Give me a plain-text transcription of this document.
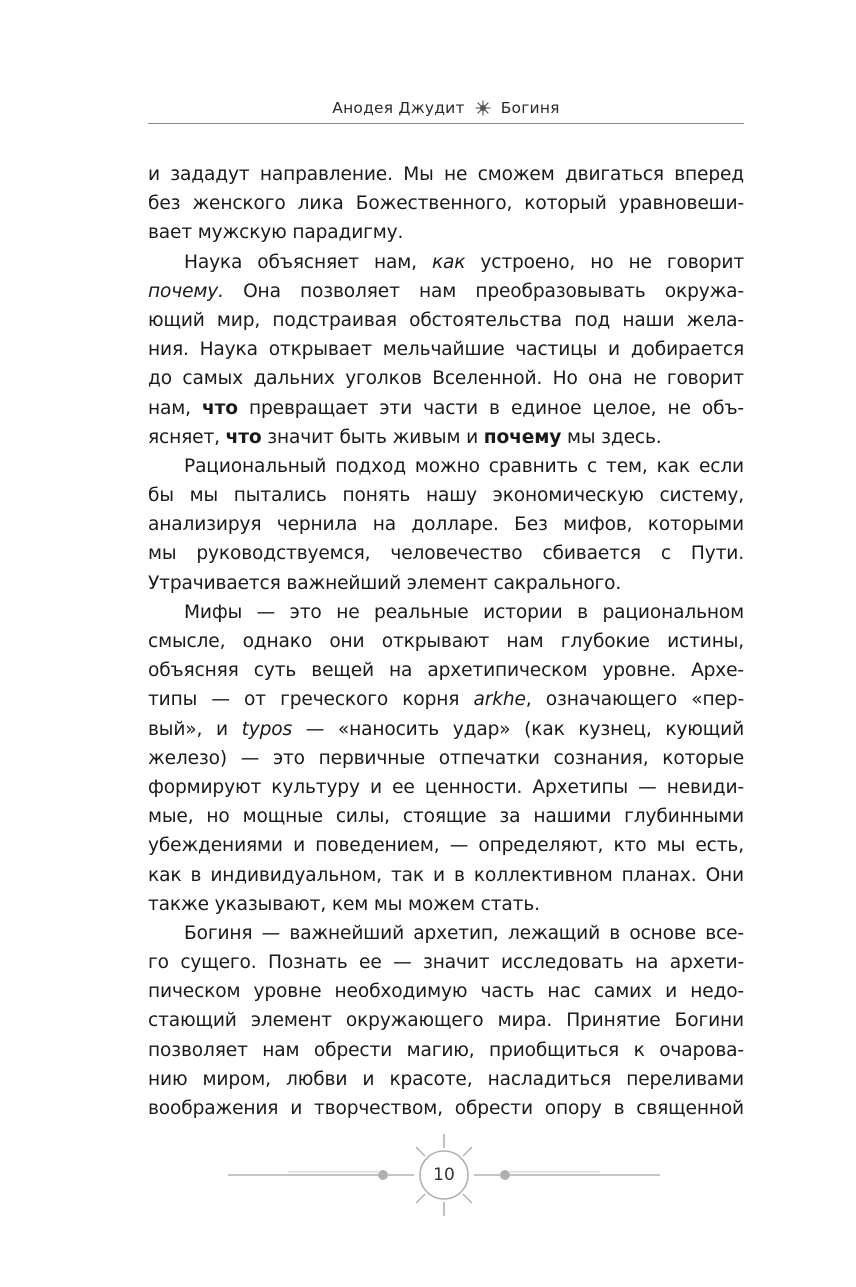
Анодея Джудит Богиня
и зададут направление. Мы не сможем двигаться вперед
без женского лика Божественного, который уравновеши-
вает мужскую парадигму.
Наука объясняет нам, как устроено, но не говорит
почему. Она позволяет нам преобразовывать окружа-
ющий мир, подстраивая обстоятельства под наши жела-
ния. Наука открывает мельчайшие частицы и добирается
до самых дальних уголков Вселенной. Но она не говорит
нам, что превращает эти части в единое целое, не объ-
ясняет, что значит быть живым и почему мы здесь.
Рациональный подход можно сравнить с тем, как если
бы мы пытались понять нашу экономическую систему,
анализируя чернила на долларе. Без мифов, которыми
мы руководствуемся, человечество сбивается с Пути.
Утрачивается важнейший элемент сакрального.
Мифы — это не реальные истории в рациональном
смысле, однако они открывают нам глубокие истины,
объясняя суть вещей на архетипическом уровне. Архе-
типы — от греческого корня arkhe, означающего «пер-
вый», и typos — «наносить удар» (как кузнец, кующий
железо) — это первичные отпечатки сознания, которые
формируют культуру и ее ценности. Архетипы — невиди-
мые, но мощные силы, стоящие за нашими глубинными
убеждениями и поведением, — определяют, кто мы есть,
как в индивидуальном, так и в коллективном планах. Они
также указывают, кем мы можем стать.
Богиня — важнейший архетип, лежащий в основе все-
го сущего. Познать ее — значит исследовать на архети-
пическом уровне необходимую часть нас самих и недо-
стающий элемент окружающего мира. Принятие Богини
позволяет нам обрести магию, приобщиться к очарова-
нию миром, любви и красоте, насладиться переливами
воображения и творчеством, обрести опору в священной
10
